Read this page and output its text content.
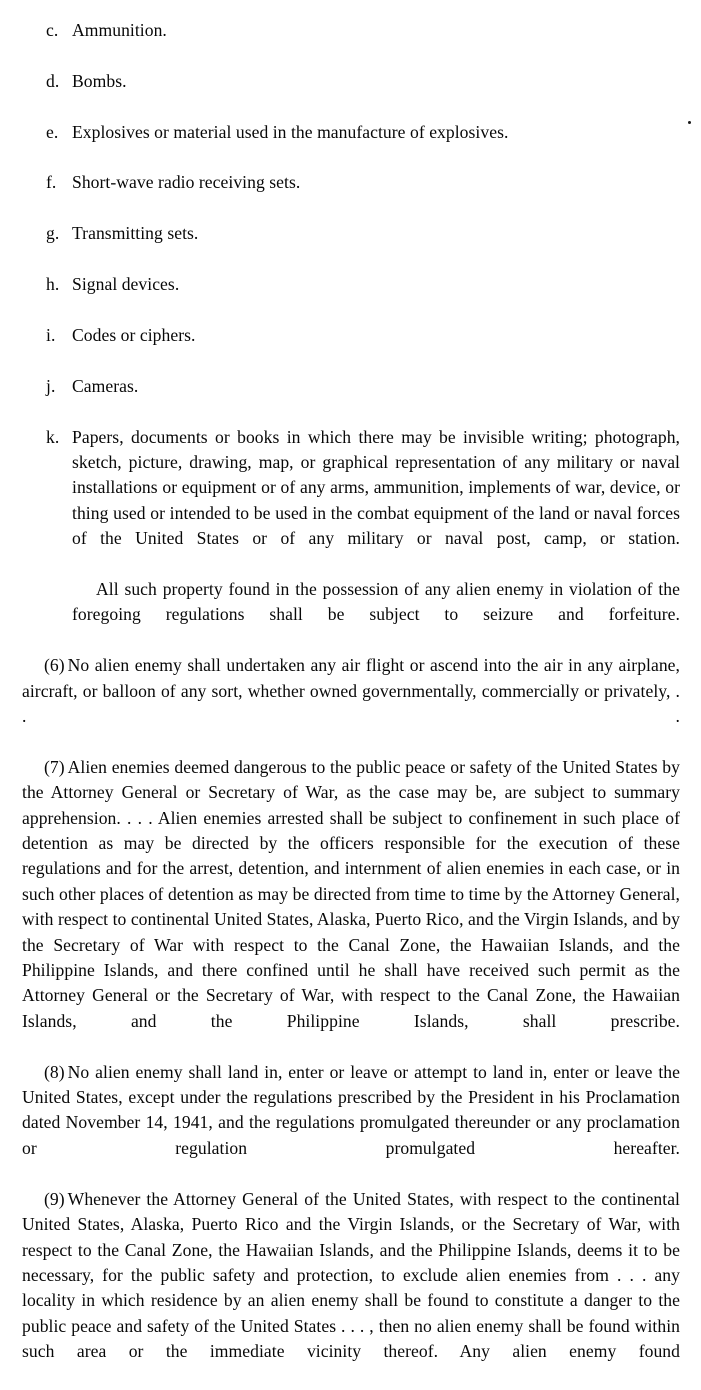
c. Ammunition.
d. Bombs.
e. Explosives or material used in the manufacture of explosives.
f. Short-wave radio receiving sets.
g. Transmitting sets.
h. Signal devices.
i. Codes or ciphers.
j. Cameras.
k. Papers, documents or books in which there may be invisible writing; photograph, sketch, picture, drawing, map, or graphical representation of any military or naval installations or equipment or of any arms, ammunition, implements of war, device, or thing used or intended to be used in the combat equipment of the land or naval forces of the United States or of any military or naval post, camp, or station.

All such property found in the possession of any alien enemy in violation of the foregoing regulations shall be subject to seizure and forfeiture.

(6) No alien enemy shall undertaken any air flight or ascend into the air in any airplane, aircraft, or balloon of any sort, whether owned governmentally, commercially or privately, . . .

(7) Alien enemies deemed dangerous to the public peace or safety of the United States by the Attorney General or Secretary of War, as the case may be, are subject to summary apprehension. . . . Alien enemies arrested shall be subject to confinement in such place of detention as may be directed by the officers responsible for the execution of these regulations and for the arrest, detention, and internment of alien enemies in each case, or in such other places of detention as may be directed from time to time by the Attorney General, with respect to continental United States, Alaska, Puerto Rico, and the Virgin Islands, and by the Secretary of War with respect to the Canal Zone, the Hawaiian Islands, and the Philippine Islands, and there confined until he shall have received such permit as the Attorney General or the Secretary of War, with respect to the Canal Zone, the Hawaiian Islands, and the Philippine Islands, shall prescribe.

(8) No alien enemy shall land in, enter or leave or attempt to land in, enter or leave the United States, except under the regulations prescribed by the President in his Proclamation dated November 14, 1941, and the regulations promulgated thereunder or any proclamation or regulation promulgated hereafter.

(9) Whenever the Attorney General of the United States, with respect to the continental United States, Alaska, Puerto Rico and the Virgin Islands, or the Secretary of War, with respect to the Canal Zone, the Hawaiian Islands, and the Philippine Islands, deems it to be necessary, for the public safety and protection, to exclude alien enemies from . . . any locality in which residence by an alien enemy shall be found to constitute a danger to the public peace and safety of the United States . . . , then no alien enemy shall be found within such area or the immediate vicinity thereof. Any alien enemy found
